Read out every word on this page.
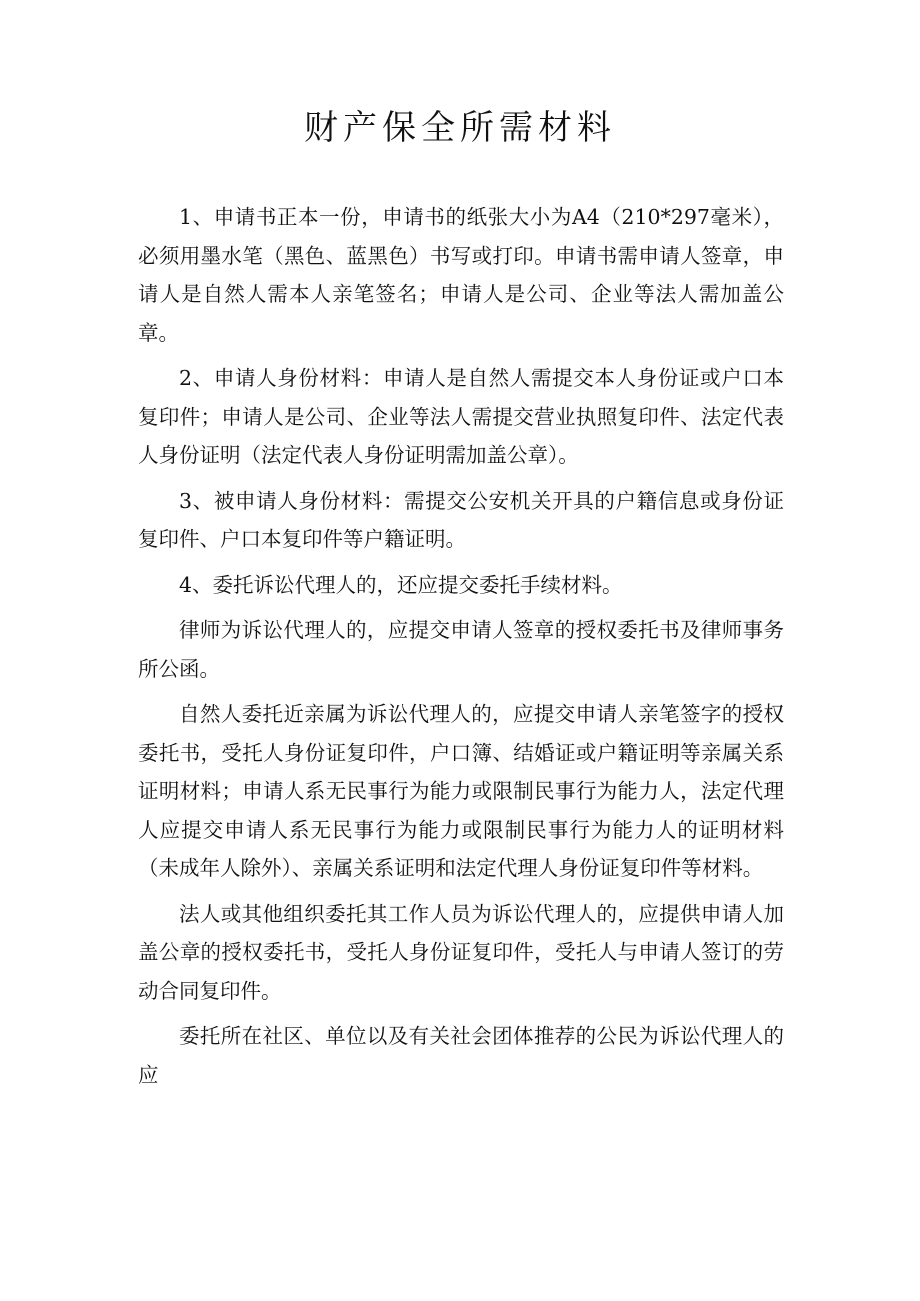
财产保全所需材料

1、申请书正本一份，申请书的纸张大小为A4（210*297毫米），必须用墨水笔（黑色、蓝黑色）书写或打印。申请书需申请人签章，申请人是自然人需本人亲笔签名；申请人是公司、企业等法人需加盖公章。

2、申请人身份材料：申请人是自然人需提交本人身份证或户口本复印件；申请人是公司、企业等法人需提交营业执照复印件、法定代表人身份证明（法定代表人身份证明需加盖公章）。

3、被申请人身份材料：需提交公安机关开具的户籍信息或身份证复印件、户口本复印件等户籍证明。

4、委托诉讼代理人的，还应提交委托手续材料。

律师为诉讼代理人的，应提交申请人签章的授权委托书及律师事务所公函。

自然人委托近亲属为诉讼代理人的，应提交申请人亲笔签字的授权委托书，受托人身份证复印件，户口簿、结婚证或户籍证明等亲属关系证明材料；申请人系无民事行为能力或限制民事行为能力人，法定代理人应提交申请人系无民事行为能力或限制民事行为能力人的证明材料（未成年人除外）、亲属关系证明和法定代理人身份证复印件等材料。

法人或其他组织委托其工作人员为诉讼代理人的，应提供申请人加盖公章的授权委托书，受托人身份证复印件，受托人与申请人签订的劳动合同复印件。

委托所在社区、单位以及有关社会团体推荐的公民为诉讼代理人的应
